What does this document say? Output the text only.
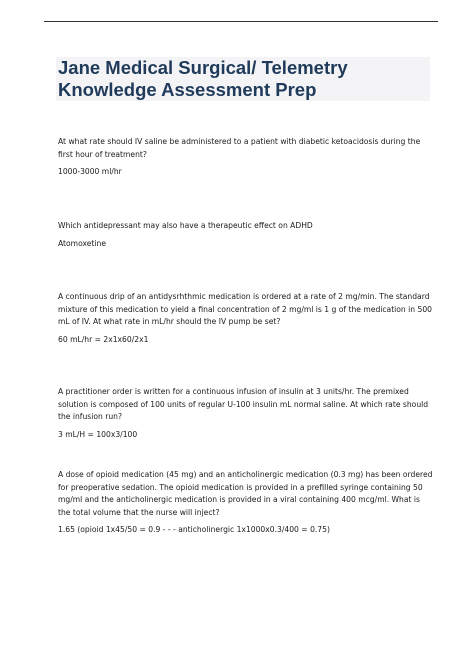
Jane Medical Surgical/ Telemetry Knowledge Assessment Prep

At what rate should IV saline be administered to a patient with diabetic ketoacidosis during the first hour of treatment?

1000-3000 ml/hr

Which antidepressant may also have a therapeutic effect on ADHD

Atomoxetine

A continuous drip of an antidysrhthmic medication is ordered at a rate of 2 mg/min. The standard mixture of this medication to yield a final concentration of 2 mg/ml is 1 g of the medication in 500 mL of IV. At what rate in mL/hr should the IV pump be set?

60 mL/hr = 2x1x60/2x1

A practitioner order is written for a continuous infusion of insulin at 3 units/hr. The premixed solution is composed of 100 units of regular U-100 insulin mL normal saline. At which rate should the infusion run?

3 mL/H = 100x3/100

A dose of opioid medication (45 mg) and an anticholinergic medication (0.3 mg) has been ordered for preoperative sedation. The opioid medication is provided in a prefilled syringe containing 50 mg/ml and the anticholinergic medication is provided in a viral containing 400 mcg/ml. What is the total volume that the nurse will inject?

1.65 (opioid 1x45/50 = 0.9 - - - anticholinergic 1x1000x0.3/400 = 0.75)
